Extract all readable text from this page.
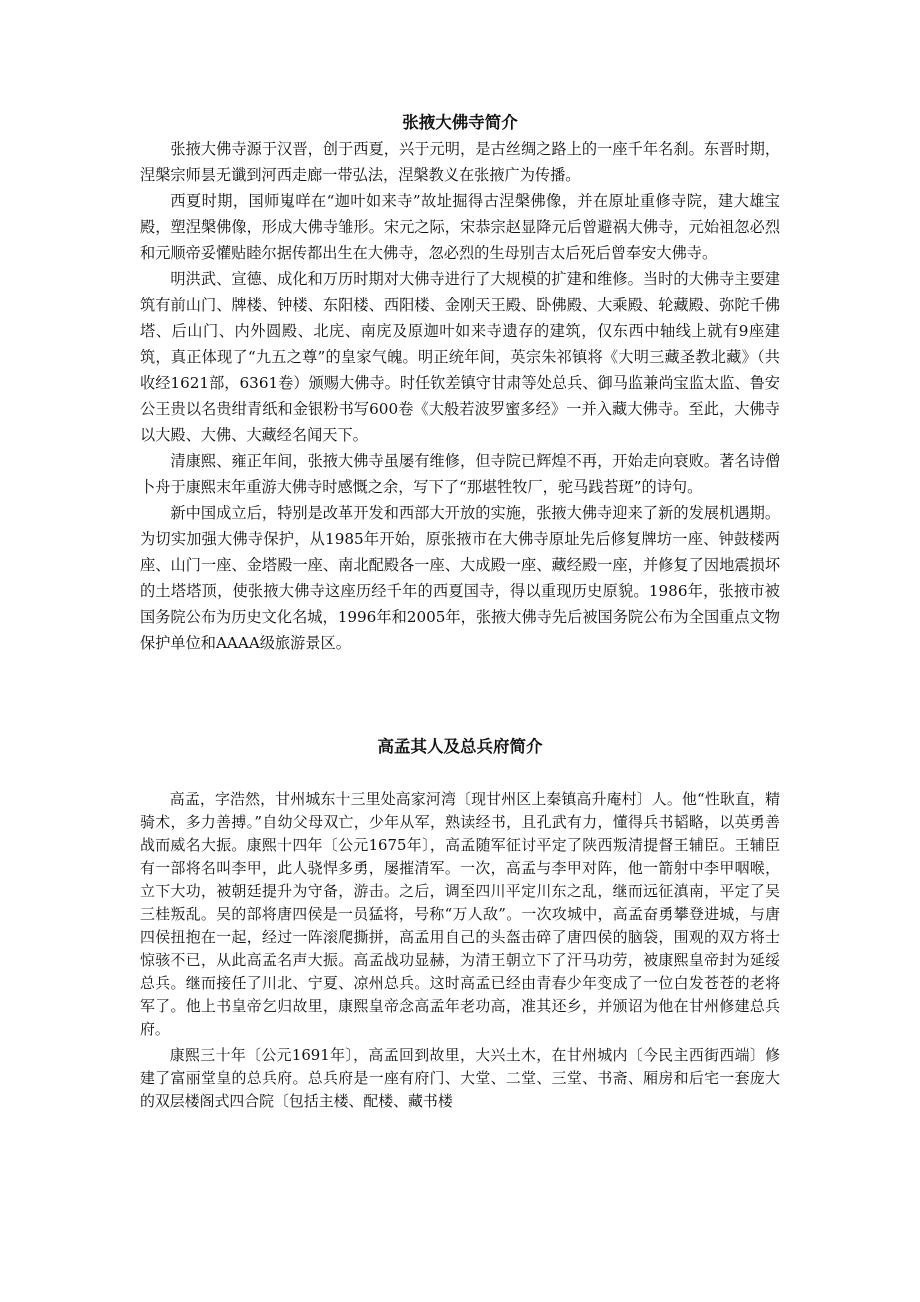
张掖大佛寺简介

张掖大佛寺源于汉晋，创于西夏，兴于元明，是古丝绸之路上的一座千年名刹。东晋时期，涅槃宗师昙无谶到河西走廊一带弘法，涅槃教义在张掖广为传播。

西夏时期，国师嵬咩在“迦叶如来寺”故址掘得古涅槃佛像，并在原址重修寺院，建大雄宝殿，塑涅槃佛像，形成大佛寺雏形。宋元之际，宋恭宗赵显降元后曾避祸大佛寺，元始祖忽必烈和元顺帝妥懽贴睦尔据传都出生在大佛寺，忽必烈的生母别吉太后死后曾奉安大佛寺。

明洪武、宣德、成化和万历时期对大佛寺进行了大规模的扩建和维修。当时的大佛寺主要建筑有前山门、牌楼、钟楼、东阳楼、西阳楼、金刚天王殿、卧佛殿、大乘殿、轮藏殿、弥陀千佛塔、后山门、内外圆殿、北庑、南庑及原迦叶如来寺遗存的建筑，仅东西中轴线上就有9座建筑，真正体现了“九五之尊”的皇家气魄。明正统年间，英宗朱祁镇将《大明三藏圣教北藏》（共收经1621部，6361卷）颁赐大佛寺。时任钦差镇守甘肃等处总兵、御马监兼尚宝监太监、鲁安公王贵以名贵绀青纸和金银粉书写600卷《大般若波罗蜜多经》一并入藏大佛寺。至此，大佛寺以大殿、大佛、大藏经名闻天下。

清康熙、雍正年间，张掖大佛寺虽屡有维修，但寺院已辉煌不再，开始走向衰败。著名诗僧卜舟于康熙末年重游大佛寺时感慨之余，写下了“那堪牲牧厂，驼马践苔斑”的诗句。

新中国成立后，特别是改革开发和西部大开放的实施，张掖大佛寺迎来了新的发展机遇期。为切实加强大佛寺保护，从1985年开始，原张掖市在大佛寺原址先后修复牌坊一座、钟鼓楼两座、山门一座、金塔殿一座、南北配殿各一座、大成殿一座、藏经殿一座，并修复了因地震损坏的土塔塔顶，使张掖大佛寺这座历经千年的西夏国寺，得以重现历史原貌。1986年，张掖市被国务院公布为历史文化名城，1996年和2005年，张掖大佛寺先后被国务院公布为全国重点文物保护单位和AAAA级旅游景区。

高孟其人及总兵府简介

高孟，字浩然，甘州城东十三里处高家河湾〔现甘州区上秦镇高升庵村〕人。他“性耿直，精骑术，多力善搏。”自幼父母双亡，少年从军，熟读经书，且孔武有力，懂得兵书韬略，以英勇善战而威名大振。康熙十四年〔公元1675年〕，高孟随军征讨平定了陕西叛清提督王辅臣。王辅臣有一部将名叫李甲，此人骁悍多勇，屡摧清军。一次，高孟与李甲对阵，他一箭射中李甲咽喉，立下大功，被朝廷提升为守备，游击。之后，调至四川平定川东之乱，继而远征滇南，平定了吴三桂叛乱。吴的部将唐四侯是一员猛将，号称“万人敌”。一次攻城中，高孟奋勇攀登进城，与唐四侯扭抱在一起，经过一阵滚爬撕拼，高孟用自己的头盔击碎了唐四侯的脑袋，围观的双方将士惊骇不已，从此高孟名声大振。高孟战功显赫，为清王朝立下了汗马功劳，被康熙皇帝封为延绥总兵。继而接任了川北、宁夏、凉州总兵。这时高孟已经由青春少年变成了一位白发苍苍的老将军了。他上书皇帝乞归故里，康熙皇帝念高孟年老功高，准其还乡，并颁诏为他在甘州修建总兵府。

康熙三十年〔公元1691年〕，高孟回到故里，大兴土木，在甘州城内〔今民主西街西端〕修建了富丽堂皇的总兵府。总兵府是一座有府门、大堂、二堂、三堂、书斋、厢房和后宅一套庞大的双层楼阁式四合院〔包括主楼、配楼、藏书楼
